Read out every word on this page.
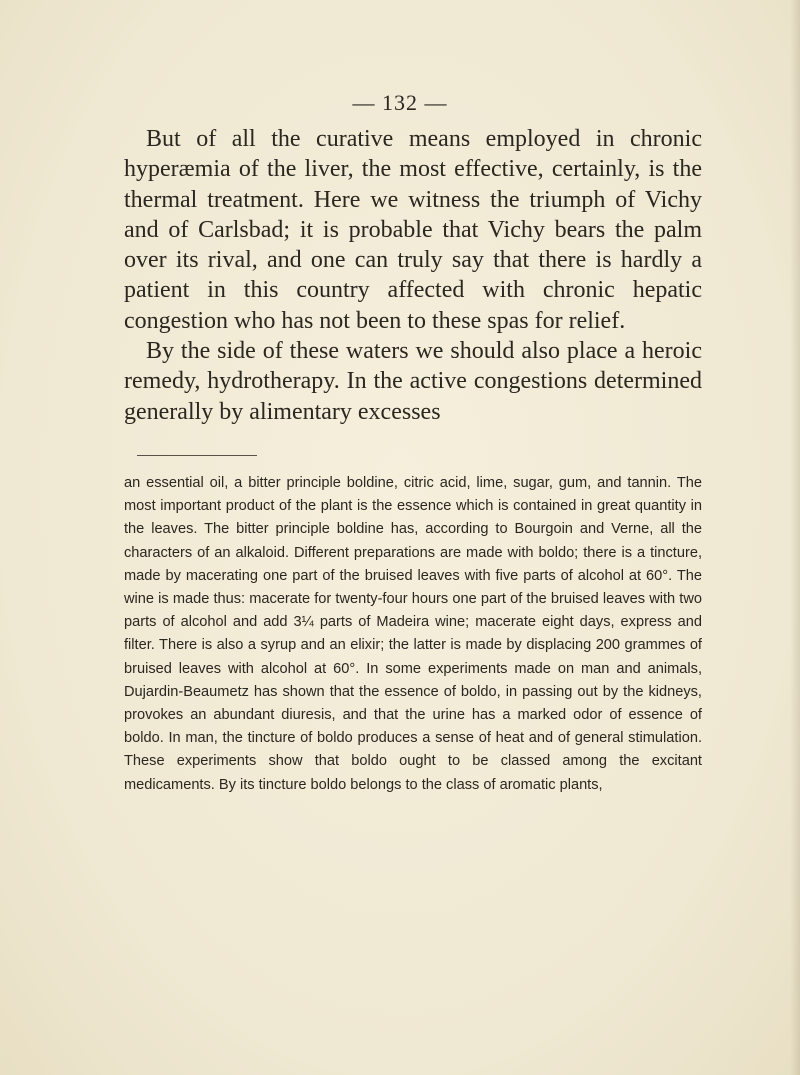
— 132 —

But of all the curative means employed in chronic hyperæmia of the liver, the most effective, certainly, is the thermal treatment. Here we witness the triumph of Vichy and of Carlsbad; it is probable that Vichy bears the palm over its rival, and one can truly say that there is hardly a patient in this country affected with chronic hepatic congestion who has not been to these spas for relief.

By the side of these waters we should also place a heroic remedy, hydrotherapy. In the active congestions determined generally by alimentary excesses

an essential oil, a bitter principle boldine, citric acid, lime, sugar, gum, and tannin. The most important product of the plant is the essence which is contained in great quantity in the leaves. The bitter principle boldine has, according to Bourgoin and Verne, all the characters of an alkaloid. Different preparations are made with boldo; there is a tincture, made by macerating one part of the bruised leaves with five parts of alcohol at 60°. The wine is made thus: macerate for twenty-four hours one part of the bruised leaves with two parts of alcohol and add 3¼ parts of Madeira wine; macerate eight days, express and filter. There is also a syrup and an elixir; the latter is made by displacing 200 grammes of bruised leaves with alcohol at 60°. In some experiments made on man and animals, Dujardin-Beaumetz has shown that the essence of boldo, in passing out by the kidneys, provokes an abundant diuresis, and that the urine has a marked odor of essence of boldo. In man, the tincture of boldo produces a sense of heat and of general stimulation. These experiments show that boldo ought to be classed among the excitant medicaments. By its tincture boldo belongs to the class of aromatic plants,
